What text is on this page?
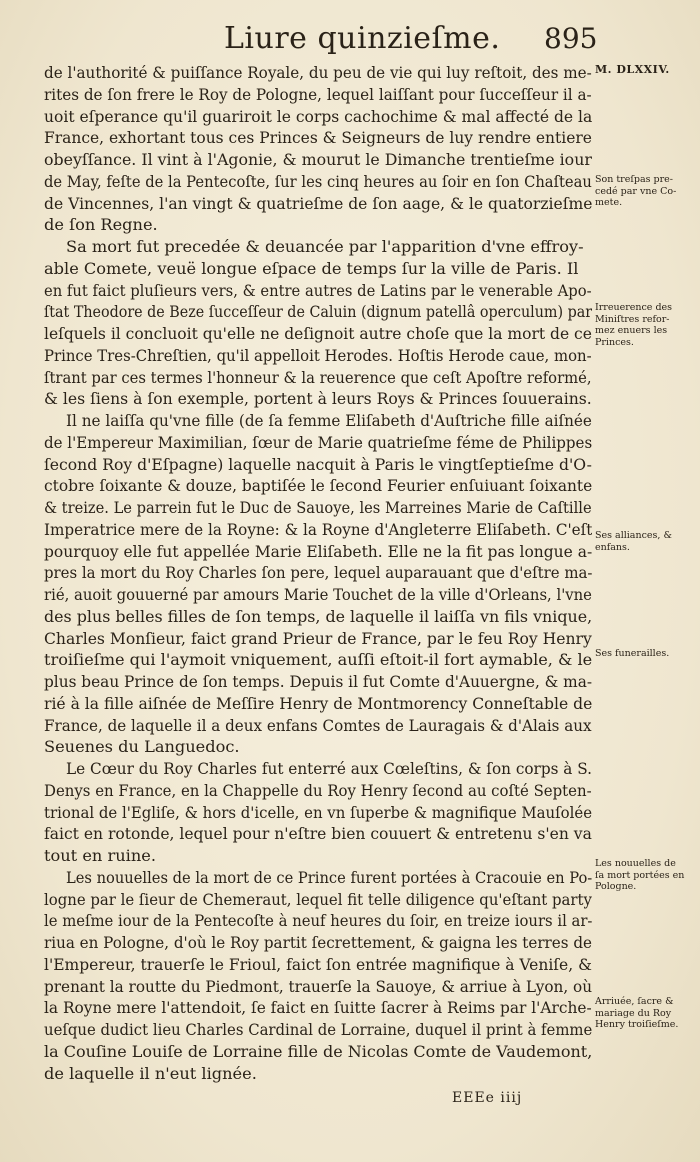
Liure quinzieſme. 895
de l'authorité & puiſſance Royale, du peu de vie qui luy reſtoit, des me-
rites de ſon frere le Roy de Pologne, lequel laiſſant pour ſucceſſeur il a-
uoit eſperance qu'il guariroit le corps cachochime & mal affecté de la
France, exhortant tous ces Princes & Seigneurs de luy rendre entiere
obeyſſance. Il vint à l'Agonie, & mourut le Dimanche trentieſme iour
de May, feſte de la Pentecoſte, ſur les cinq heures au ſoir en ſon Chaſteau
de Vincennes, l'an vingt & quatrieſme de ſon aage, & le quatorzieſme
de ſon Regne.
Sa mort fut precedée & deuancée par l'apparition d'vne effroy-
able Comete, veuë longue eſpace de temps ſur la ville de Paris. Il
en fut faict pluſieurs vers, & entre autres de Latins par le venerable Apo-
ſtat Theodore de Beze ſucceſſeur de Caluin (dignum patellâ operculum) par
leſquels il concluoit qu'elle ne deſignoit autre choſe que la mort de ce
Prince Tres-Chreſtien, qu'il appelloit Herodes. Hoſtis Herode caue, mon-
ſtrant par ces termes l'honneur & la reuerence que ceſt Apoſtre reformé,
& les ſiens à ſon exemple, portent à leurs Roys & Princes ſouuerains.
Il ne laiſſa qu'vne fille (de ſa femme Eliſabeth d'Auſtriche fille aiſnée
de l'Empereur Maximilian, ſœur de Marie quatrieſme féme de Philippes
ſecond Roy d'Eſpagne) laquelle nacquit à Paris le vingtſeptieſme d'O-
ctobre ſoixante & douze, baptiſée le ſecond Feurier enſuiuant ſoixante
& treize. Le parrein fut le Duc de Sauoye, les Marreines Marie de Caſtille
Imperatrice mere de la Royne: & la Royne d'Angleterre Eliſabeth. C'eſt
pourquoy elle fut appellée Marie Eliſabeth. Elle ne la fit pas longue a-
pres la mort du Roy Charles ſon pere, lequel auparauant que d'eſtre ma-
rié, auoit gouuerné par amours Marie Touchet de la ville d'Orleans, l'vne
des plus belles filles de ſon temps, de laquelle il laiſſa vn fils vnique,
Charles Monſieur, faict grand Prieur de France, par le feu Roy Henry
troiſieſme qui l'aymoit vniquement, auſſi eſtoit-il fort aymable, & le
plus beau Prince de ſon temps. Depuis il fut Comte d'Auuergne, & ma-
rié à la fille aiſnée de Meſſire Henry de Montmorency Conneſtable de
France, de laquelle il a deux enfans Comtes de Lauragais & d'Alais aux
Seuenes du Languedoc.
Le Cœur du Roy Charles fut enterré aux Cœleſtins, & ſon corps à S.
Denys en France, en la Chappelle du Roy Henry ſecond au coſté Septen-
trional de l'Egliſe, & hors d'icelle, en vn ſuperbe & magnifique Mauſolée
faict en rotonde, lequel pour n'eſtre bien couuert & entretenu s'en va
tout en ruine.
Les nouuelles de la mort de ce Prince furent portées à Cracouie en Po-
logne par le ſieur de Chemeraut, lequel fit telle diligence qu'eſtant party
le meſme iour de la Pentecoſte à neuf heures du ſoir, en treize iours il ar-
riua en Pologne, d'où le Roy partit ſecrettement, & gaigna les terres de
l'Empereur, trauerſe le Frioul, faict ſon entrée magnifique à Veniſe, &
prenant la routte du Piedmont, trauerſe la Sauoye, & arriue à Lyon, où
la Royne mere l'attendoit, ſe faict en ſuitte ſacrer à Reims par l'Arche-
ueſque dudict lieu Charles Cardinal de Lorraine, duquel il print à femme
la Couſine Louiſe de Lorraine fille de Nicolas Comte de Vaudemont,
de laquelle il n'eut lignée.
M. DLXXIV.
Son treſpas pre-
cedé par vne Co-
mete.
Irreuerence des
Miniſtres refor-
mez enuers les
Princes.
Ses alliances, &
enfans.
Ses funerailles.
Les nouuelles de
ſa mort portées en
Pologne.
Arriuée, ſacre &
mariage du Roy
Henry troiſieſme.
EEEe iiij
